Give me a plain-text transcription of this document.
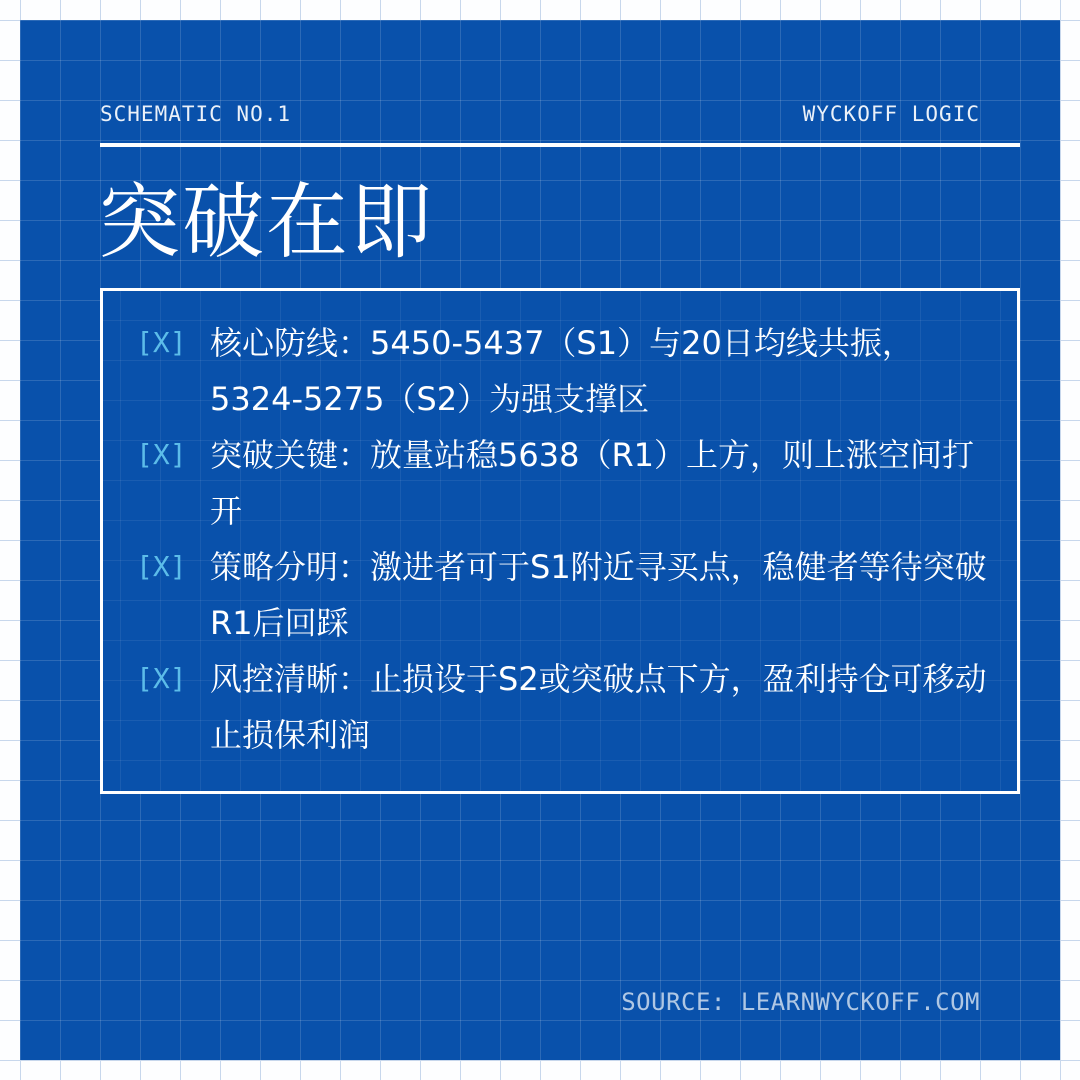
SCHEMATIC NO.1	WYCKOFF LOGIC
突破在即
[X] 核心防线：5450-5437（S1）与20日均线共振，5324-5275（S2）为强支撑区
[X] 突破关键：放量站稳5638（R1）上方，则上涨空间打开
[X] 策略分明：激进者可于S1附近寻买点，稳健者等待突破R1后回踩
[X] 风控清晰：止损设于S2或突破点下方，盈利持仓可移动止损保利润
SOURCE: LEARNWYCKOFF.COM
